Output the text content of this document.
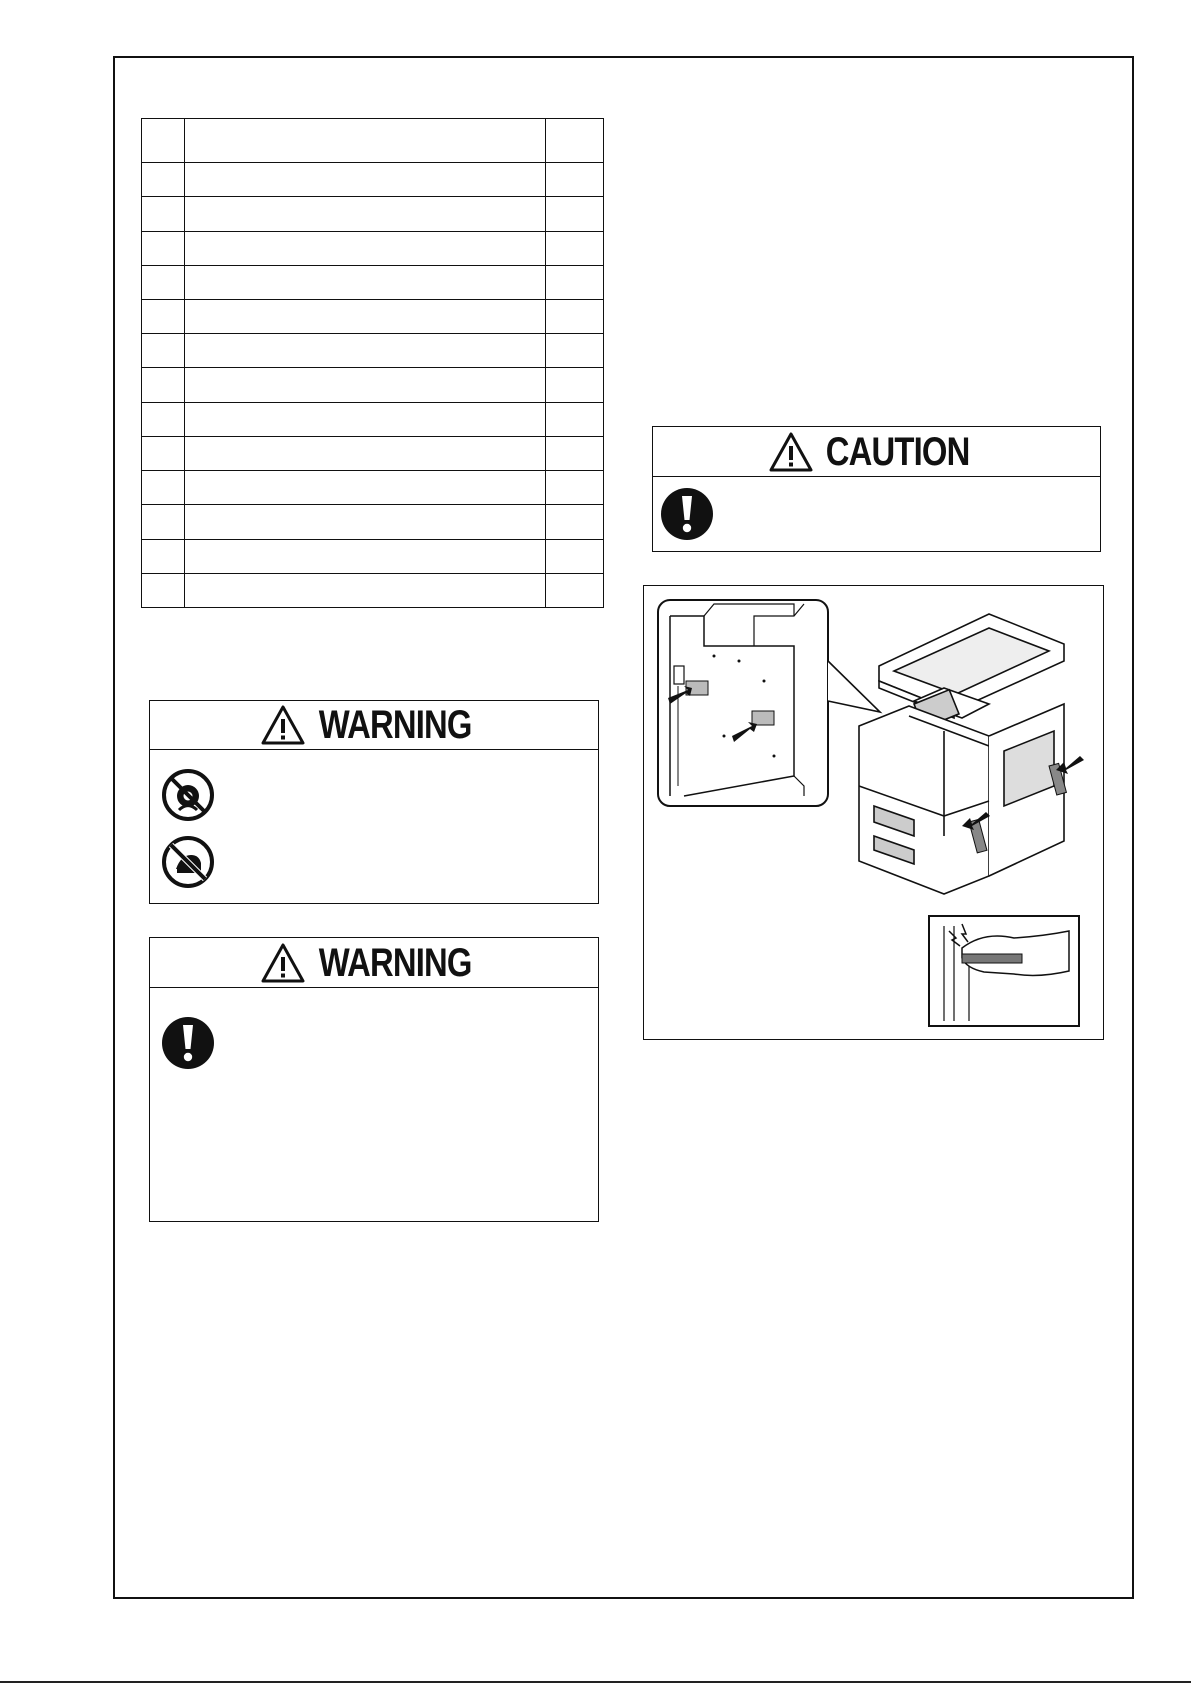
WARNING
WARNING
CAUTION
